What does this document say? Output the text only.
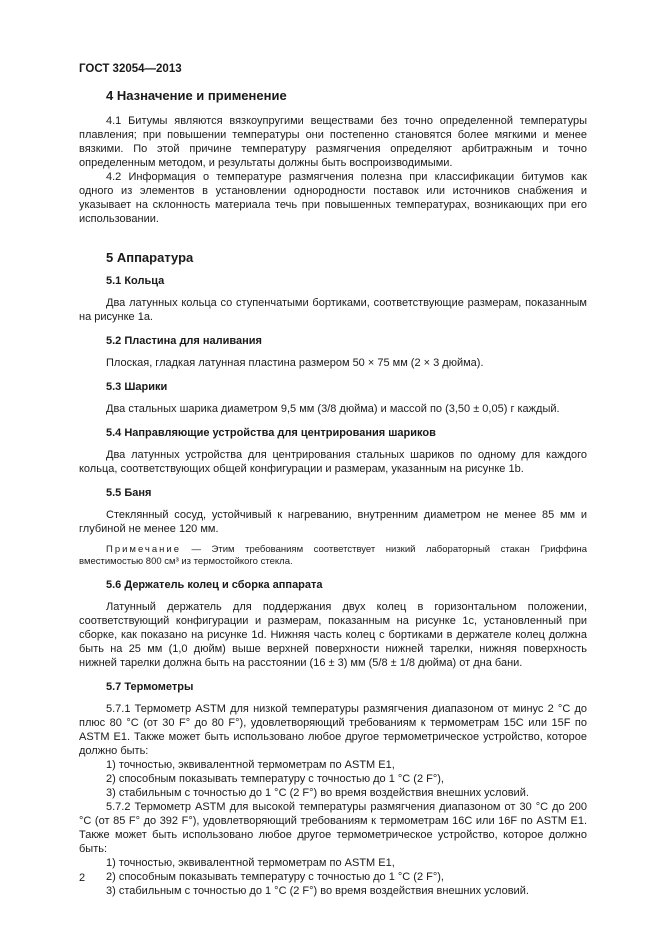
ГОСТ 32054—2013
4 Назначение и применение

4.1 Битумы являются вязкоупругими веществами без точно определенной температуры плавления; при повышении температуры они постепенно становятся более мягкими и менее вязкими. По этой причине температуру размягчения определяют арбитражным и точно определенным методом, и результаты должны быть воспроизводимыми.

4.2 Информация о температуре размягчения полезна при классификации битумов как одного из элементов в установлении однородности поставок или источников снабжения и указывает на склонность материала течь при повышенных температурах, возникающих при его использовании.

5 Аппаратура
5.1 Кольца

Два латунных кольца со ступенчатыми бортиками, соответствующие размерам, показанным на рисунке 1а.

5.2 Пластина для наливания

Плоская, гладкая латунная пластина размером 50 × 75 мм (2 × 3 дюйма).

5.3 Шарики

Два стальных шарика диаметром 9,5 мм (3/8 дюйма) и массой по (3,50 ± 0,05) г каждый.

5.4 Направляющие устройства для центрирования шариков

Два латунных устройства для центрирования стальных шариков по одному для каждого кольца, соответствующих общей конфигурации и размерам, указанным на рисунке 1b.

5.5 Баня

Стеклянный сосуд, устойчивый к нагреванию, внутренним диаметром не менее 85 мм и глубиной не менее 120 мм.

Примечание — Этим требованиям соответствует низкий лабораторный стакан Гриффина вместимостью 800 см³ из термостойкого стекла.

5.6 Держатель колец и сборка аппарата

Латунный держатель для поддержания двух колец в горизонтальном положении, соответствующий конфигурации и размерам, показанным на рисунке 1с, установленный при сборке, как показано на рисунке 1d. Нижняя часть колец с бортиками в держателе колец должна быть на 25 мм (1,0 дюйм) выше верхней поверхности нижней тарелки, нижняя поверхность нижней тарелки должна быть на расстоянии (16 ± 3) мм (5/8 ± 1/8 дюйма) от дна бани.

5.7 Термометры

5.7.1 Термометр ASTM для низкой температуры размягчения диапазоном от минус 2 °С до плюс 80 °С (от 30 F° до 80 F°), удовлетворяющий требованиям к термометрам 15С или 15F по ASTM E1. Также может быть использовано любое другое термометрическое устройство, которое должно быть:

1) точностью, эквивалентной термометрам по ASTM E1,

2) способным показывать температуру с точностью до 1 °С (2 F°),

3) стабильным с точностью до 1 °С (2 F°) во время воздействия внешних условий.

5.7.2 Термометр ASTM для высокой температуры размягчения диапазоном от 30 °С до 200 °С (от 85 F° до 392 F°), удовлетворяющий требованиям к термометрам 16С или 16F по ASTM E1. Также может быть использовано любое другое термометрическое устройство, которое должно быть:

1) точностью, эквивалентной термометрам по ASTM E1,

2) способным показывать температуру с точностью до 1 °С (2 F°),

3) стабильным с точностью до 1 °С (2 F°) во время воздействия внешних условий.

2
